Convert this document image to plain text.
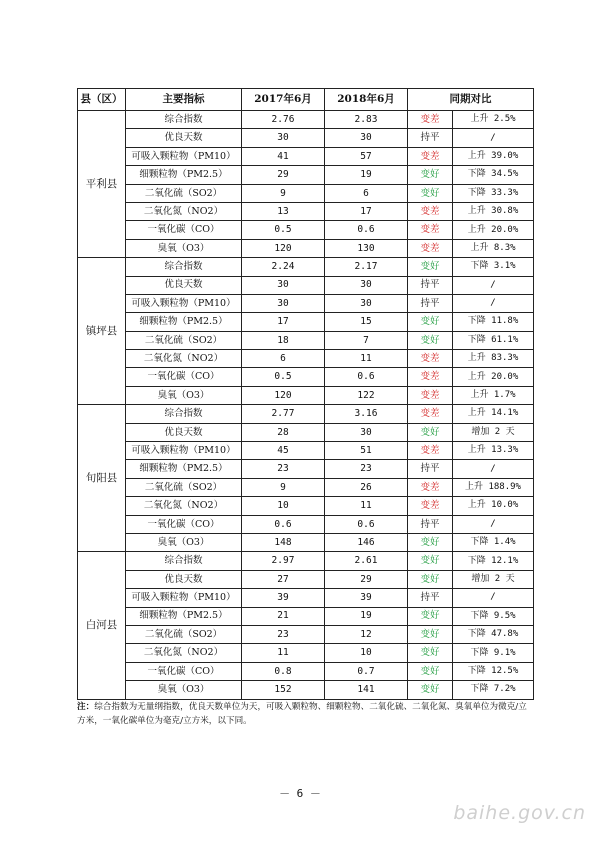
县（区）	主要指标	2017年6月	2018年6月	同期对比	
平利县	综合指数	2.76	2.83	变差	上升 2.5%
	优良天数	30	30	持平	/
	可吸入颗粒物（PM10）	41	57	变差	上升 39.0%
	细颗粒物（PM2.5）	29	19	变好	下降 34.5%
	二氧化硫（SO2）	9	6	变好	下降 33.3%
	二氧化氮（NO2）	13	17	变差	上升 30.8%
	一氧化碳（CO）	0.5	0.6	变差	上升 20.0%
	臭氧（O3）	120	130	变差	上升 8.3%
镇坪县	综合指数	2.24	2.17	变好	下降 3.1%
	优良天数	30	30	持平	/
	可吸入颗粒物（PM10）	30	30	持平	/
	细颗粒物（PM2.5）	17	15	变好	下降 11.8%
	二氧化硫（SO2）	18	7	变好	下降 61.1%
	二氧化氮（NO2）	6	11	变差	上升 83.3%
	一氧化碳（CO）	0.5	0.6	变差	上升 20.0%
	臭氧（O3）	120	122	变差	上升 1.7%
旬阳县	综合指数	2.77	3.16	变差	上升 14.1%
	优良天数	28	30	变好	增加 2 天
	可吸入颗粒物（PM10）	45	51	变差	上升 13.3%
	细颗粒物（PM2.5）	23	23	持平	/
	二氧化硫（SO2）	9	26	变差	上升 188.9%
	二氧化氮（NO2）	10	11	变差	上升 10.0%
	一氧化碳（CO）	0.6	0.6	持平	/
	臭氧（O3）	148	146	变好	下降 1.4%
白河县	综合指数	2.97	2.61	变好	下降 12.1%
	优良天数	27	29	变好	增加 2 天
	可吸入颗粒物（PM10）	39	39	持平	/
	细颗粒物（PM2.5）	21	19	变好	下降 9.5%
	二氧化硫（SO2）	23	12	变好	下降 47.8%
	二氧化氮（NO2）	11	10	变好	下降 9.1%
	一氧化碳（CO）	0.8	0.7	变好	下降 12.5%
	臭氧（O3）	152	141	变好	下降 7.2%
注：综合指数为无量纲指数，优良天数单位为天，可吸入颗粒物、细颗粒物、二氧化硫、二氧化氮、臭氧单位为微克/立方米，一氧化碳单位为毫克/立方米，以下同。
－ 6 －
baihe.gov.cn
